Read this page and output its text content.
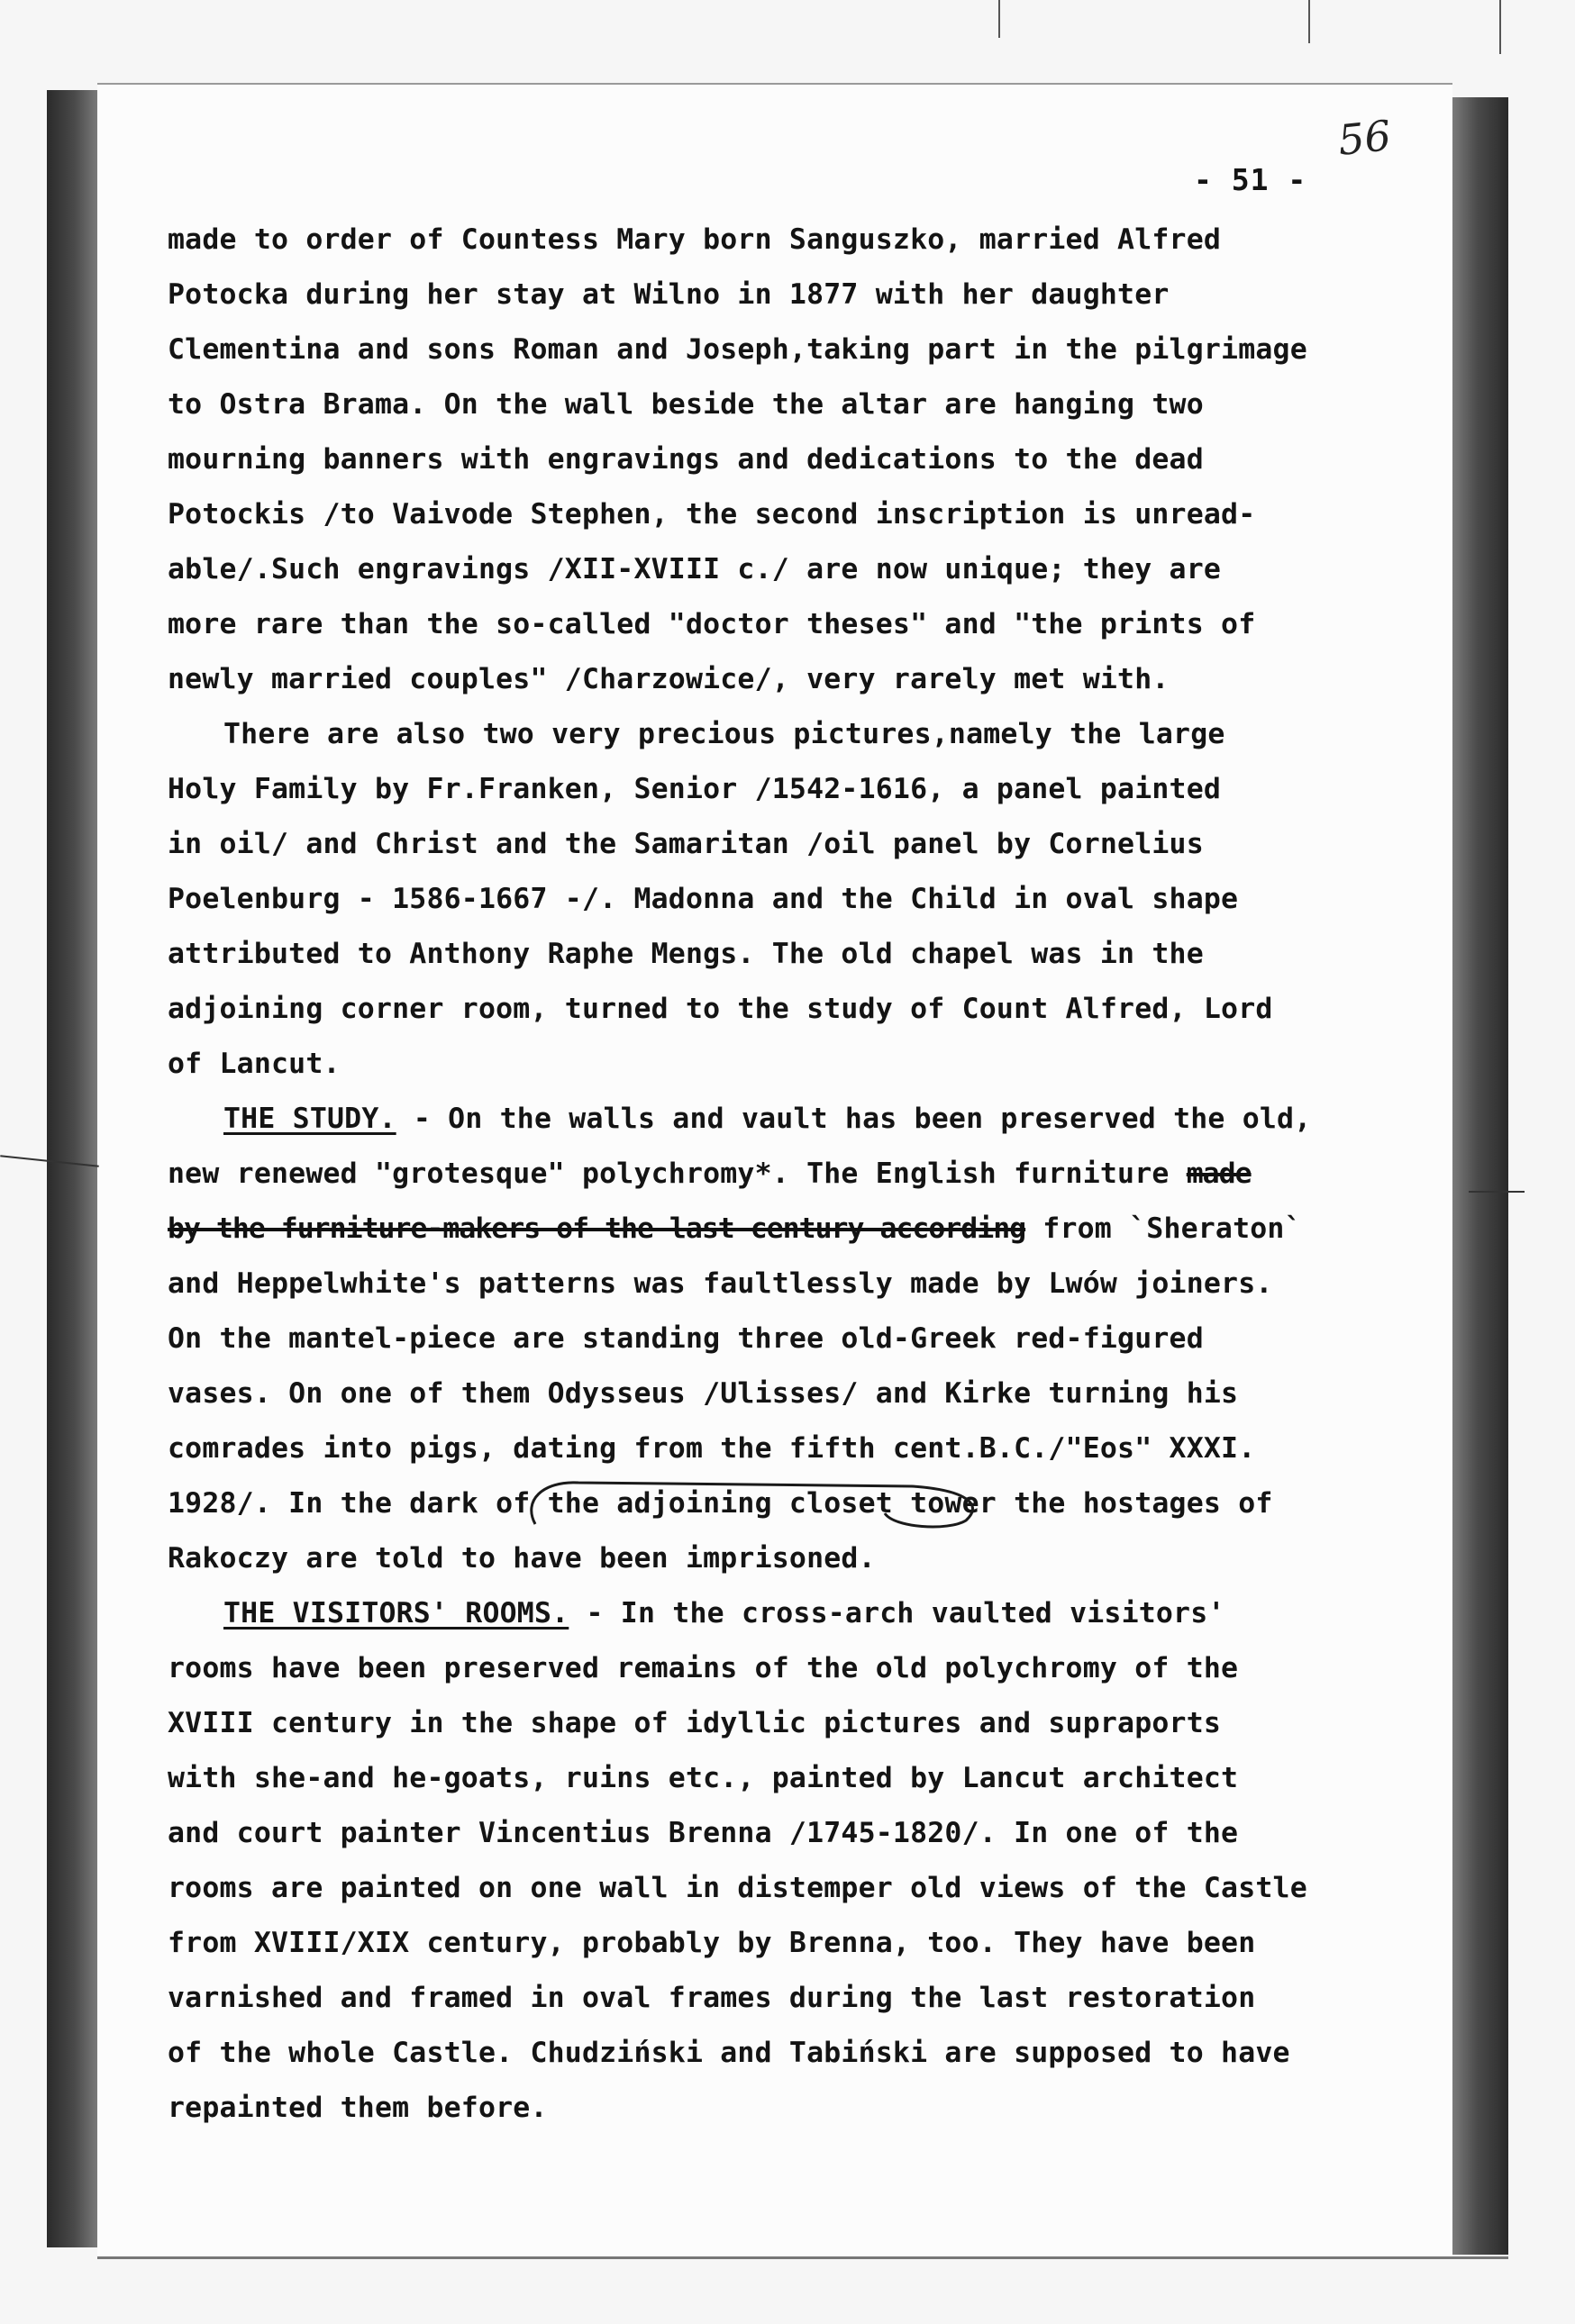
56
- 51 -
made to order of Countess Mary born Sanguszko, married Alfred
Potocka during her stay at Wilno in 1877 with her daughter
Clementina and sons Roman and Joseph,taking part in the pilgrimage
to Ostra Brama. On the wall beside the altar are hanging two
mourning banners with engravings and dedications to the dead
Potockis /to Vaivode Stephen, the second inscription is unread-
able/.Such engravings /XII-XVIII c./ are now unique; they are
more rare than the so-called "doctor theses" and "the prints of
newly married couples" /Charzowice/, very rarely met with.
There are also two very precious pictures,namely the large
Holy Family by Fr.Franken, Senior /1542-1616, a panel painted
in oil/ and Christ and the Samaritan /oil panel by Cornelius
Poelenburg - 1586-1667 -/. Madonna and the Child in oval shape
attributed to Anthony Raphe Mengs. The old chapel was in the
adjoining corner room, turned to the study of Count Alfred, Lord
of Lancut.
THE STUDY. - On the walls and vault has been preserved the old,
new renewed "grotesque" polychromy*. The English furniture made
by the furniture-makers of the last century according from `Sheraton`
and Heppelwhite's patterns was faultlessly made by Lwów joiners.
On the mantel-piece are standing three old-Greek red-figured
vases. On one of them Odysseus /Ulisses/ and Kirke turning his
comrades into pigs, dating from the fifth cent.B.C./"Eos" XXXI.
1928/. In the dark of the adjoining closet tower the hostages of
Rakoczy are told to have been imprisoned.
THE VISITORS' ROOMS. - In the cross-arch vaulted visitors'
rooms have been preserved remains of the old polychromy of the
XVIII century in the shape of idyllic pictures and supraports
with she-and he-goats, ruins etc., painted by Lancut architect
and court painter Vincentius Brenna /1745-1820/. In one of the
rooms are painted on one wall in distemper old views of the Castle
from XVIII/XIX century, probably by Brenna, too. They have been
varnished and framed in oval frames during the last restoration
of the whole Castle. Chudziński and Tabiński are supposed to have
repainted them before.
